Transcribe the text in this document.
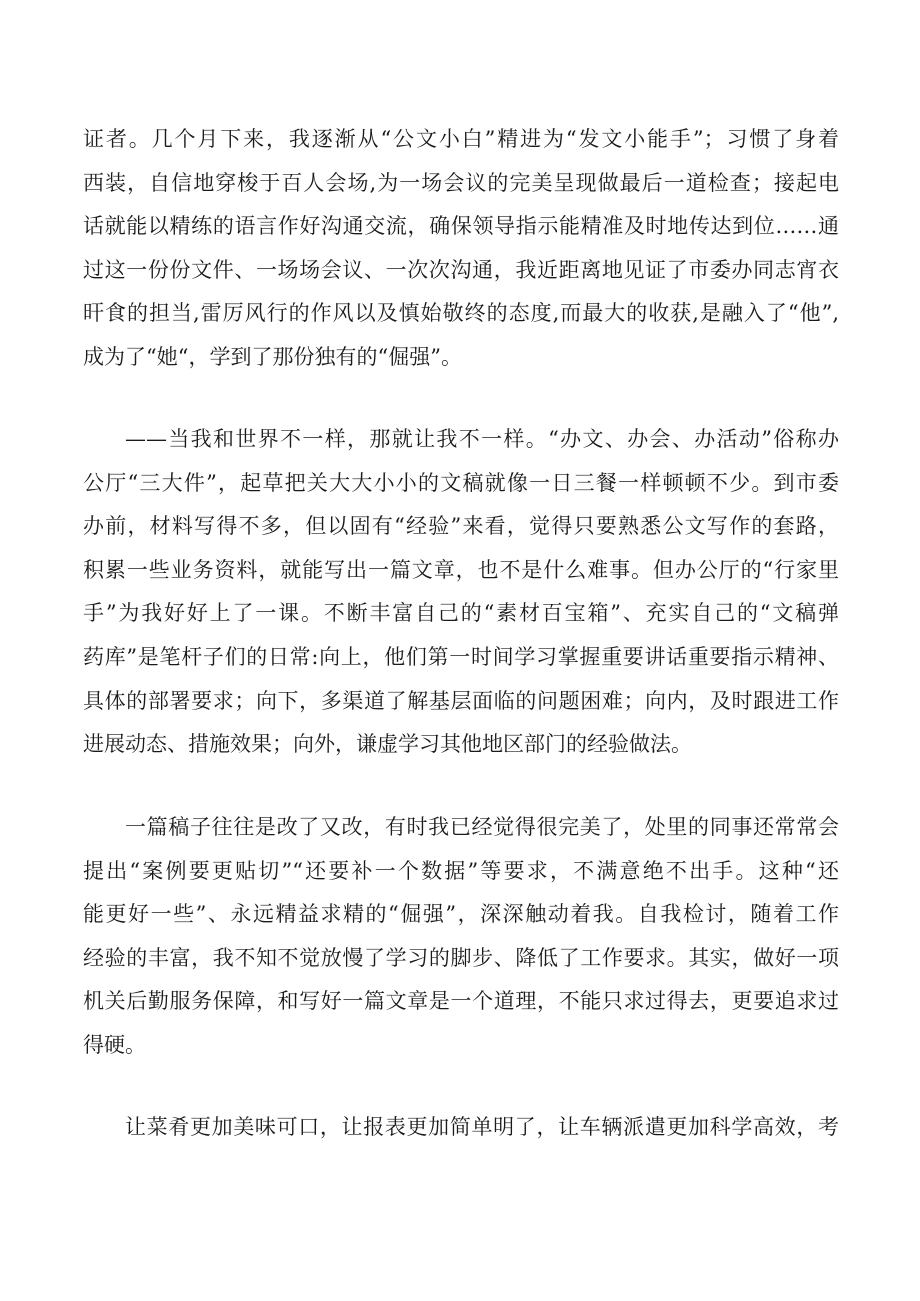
证者。几个月下来，我逐渐从“公文小白”精进为“发文小能手”；习惯了身着
西装，自信地穿梭于百人会场,为一场会议的完美呈现做最后一道检查；接起电
话就能以精练的语言作好沟通交流，确保领导指示能精准及时地传达到位……通
过这一份份文件、一场场会议、一次次沟通，我近距离地见证了市委办同志宵衣
旰食的担当,雷厉风行的作风以及慎始敬终的态度,而最大的收获,是融入了“他”,
成为了“她“，学到了那份独有的“倔强”。
——当我和世界不一样，那就让我不一样。“办文、办会、办活动”俗称办
公厅“三大件”，起草把关大大小小的文稿就像一日三餐一样顿顿不少。到市委
办前，材料写得不多，但以固有“经验”来看，觉得只要熟悉公文写作的套路，
积累一些业务资料，就能写出一篇文章，也不是什么难事。但办公厅的“行家里
手”为我好好上了一课。不断丰富自己的“素材百宝箱”、充实自己的“文稿弹
药库”是笔杆子们的日常:向上，他们第一时间学习掌握重要讲话重要指示精神、
具体的部署要求；向下，多渠道了解基层面临的问题困难；向内，及时跟进工作
进展动态、措施效果；向外，谦虚学习其他地区部门的经验做法。
一篇稿子往往是改了又改，有时我已经觉得很完美了，处里的同事还常常会
提出“案例要更贴切”“还要补一个数据”等要求，不满意绝不出手。这种“还
能更好一些”、永远精益求精的“倔强”，深深触动着我。自我检讨，随着工作
经验的丰富，我不知不觉放慢了学习的脚步、降低了工作要求。其实，做好一项
机关后勤服务保障，和写好一篇文章是一个道理，不能只求过得去，更要追求过
得硬。
让菜肴更加美味可口，让报表更加简单明了，让车辆派遣更加科学高效，考
